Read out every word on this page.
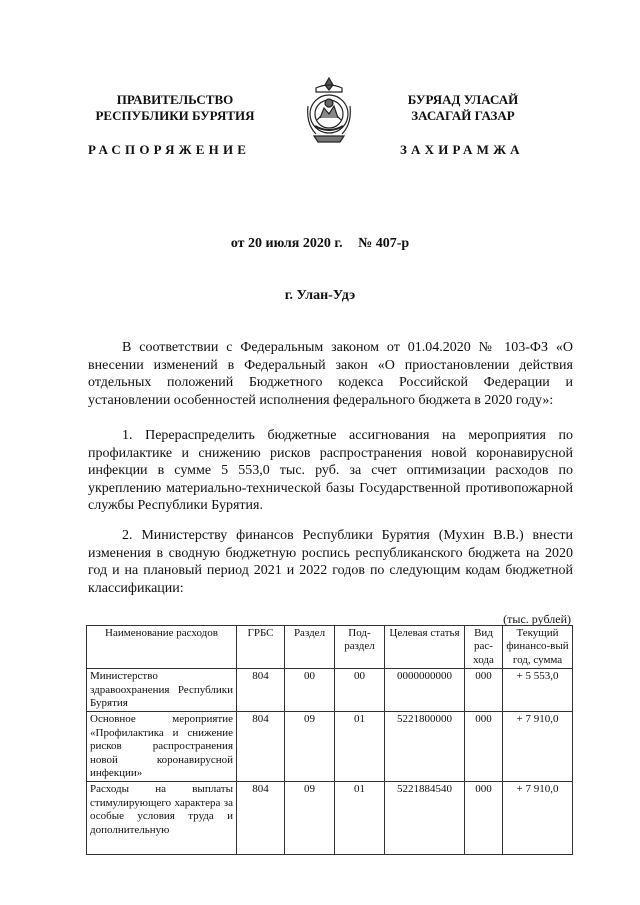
ПРАВИТЕЛЬСТВО
РЕСПУБЛИКИ БУРЯТИЯ
БУРЯАД УЛАСАЙ
ЗАСАГАЙ ГАЗАР
РАСПОРЯЖЕНИЕ	ЗАХИРАМЖА
от 20 июля 2020 г. № 407-р
г. Улан-Удэ
В соответствии с Федеральным законом от 01.04.2020 № 103-ФЗ «О внесении изменений в Федеральный закон «О приостановлении действия отдельных положений Бюджетного кодекса Российской Федерации и установлении особенностей исполнения федерального бюджета в 2020 году»:
1. Перераспределить бюджетные ассигнования на мероприятия по профилактике и снижению рисков распространения новой коронавирусной инфекции в сумме 5 553,0 тыс. руб. за счет оптимизации расходов по укреплению материально-технической базы Государственной противопожарной службы Республики Бурятия.
2. Министерству финансов Республики Бурятия (Мухин В.В.) внести изменения в сводную бюджетную роспись республиканского бюджета на 2020 год и на плановый период 2021 и 2022 годов по следующим кодам бюджетной классификации:
(тыс. рублей)
Наименование расходов	ГРБС	Раздел	Под-раздел	Целевая статья	Вид рас-хода	Текущий финансо-вый год, сумма
Министерство здравоохранения Республики Бурятия	804	00	00	0000000000	000	+ 5 553,0
Основное мероприятие «Профилактика и снижение рисков распространения новой коронавирусной инфекции»	804	09	01	5221800000	000	+ 7 910,0

Расходы на выплаты стимулирующего характера за особые условия труда и дополнительную	804	09	01	5221884540	000	+ 7 910,0
